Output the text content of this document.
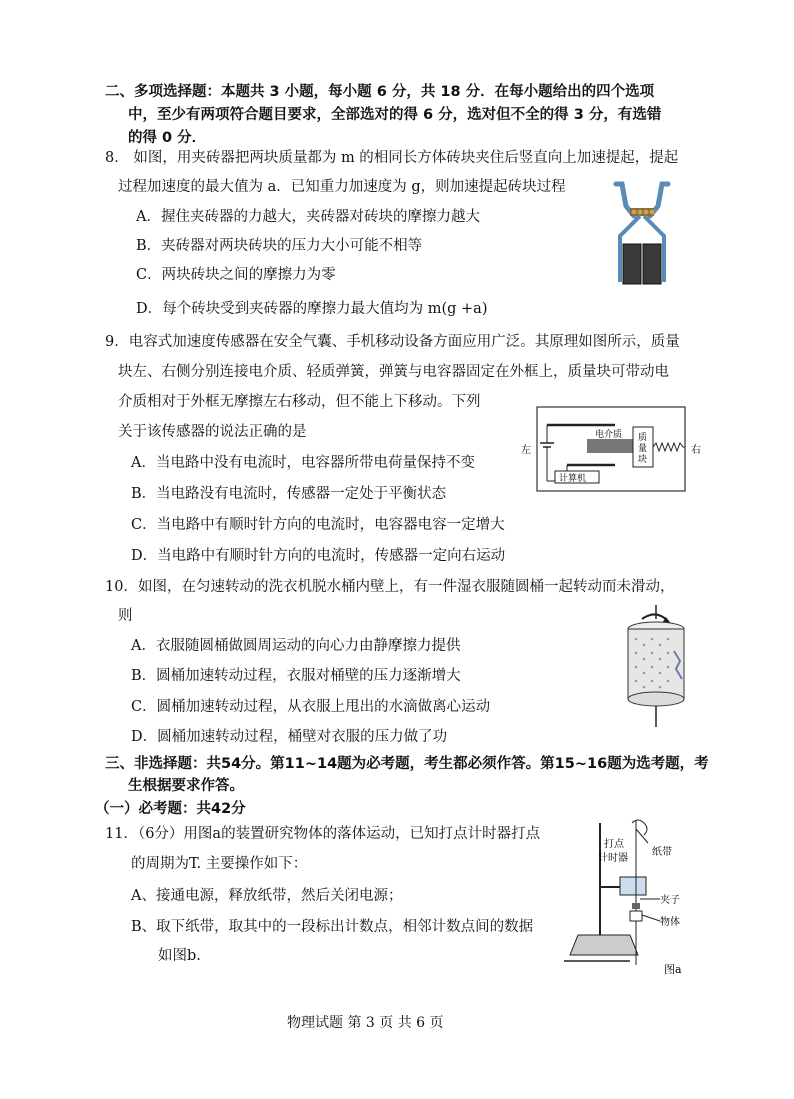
二、多项选择题：本题共 3 小题，每小题 6 分，共 18 分．在每小题给出的四个选项
中，至少有两项符合题目要求，全部选对的得 6 分，选对但不全的得 3 分，有选错
的得 0 分．
8． 如图，用夹砖器把两块质量都为 m 的相同长方体砖块夹住后竖直向上加速提起，提起
过程加速度的最大值为 a．已知重力加速度为 g，则加速提起砖块过程
A．握住夹砖器的力越大，夹砖器对砖块的摩擦力越大
B．夹砖器对两块砖块的压力大小可能不相等
C．两块砖块之间的摩擦力为零
D．每个砖块受到夹砖器的摩擦力最大值均为 m(g +a)
9．电容式加速度传感器在安全气囊、手机移动设备方面应用广泛。其原理如图所示，质量
块左、右侧分别连接电介质、轻质弹簧，弹簧与电容器固定在外框上，质量块可带动电
介质相对于外框无摩擦左右移动，但不能上下移动。下列
关于该传感器的说法正确的是
A．当电路中没有电流时，电容器所带电荷量保持不变
B．当电路没有电流时，传感器一定处于平衡状态
C．当电路中有顺时针方向的电流时，电容器电容一定增大
D．当电路中有顺时针方向的电流时，传感器一定向右运动
左	右
计算机
电介质 质
量
块
10．如图，在匀速转动的洗衣机脱水桶内壁上，有一件湿衣服随圆桶一起转动而未滑动，
则
A．衣服随圆桶做圆周运动的向心力由静摩擦力提供
B．圆桶加速转动过程，衣服对桶壁的压力逐渐增大
C．圆桶加速转动过程，从衣服上甩出的水滴做离心运动
D．圆桶加速转动过程，桶壁对衣服的压力做了功
三、非选择题：共54分。第11~14题为必考题，考生都必须作答。第15~16题为选考题，考
生根据要求作答。
（一）必考题：共42分
11．（6分）用图a的装置研究物体的落体运动，已知打点计时器打点
的周期为T. 主要操作如下：
A、接通电源，释放纸带，然后关闭电源；
B、取下纸带，取其中的一段标出计数点，相邻计数点间的数据
如图b.
打点
计时器
纸带
夹子
物体
图a
物理试题 第 3 页 共 6 页
